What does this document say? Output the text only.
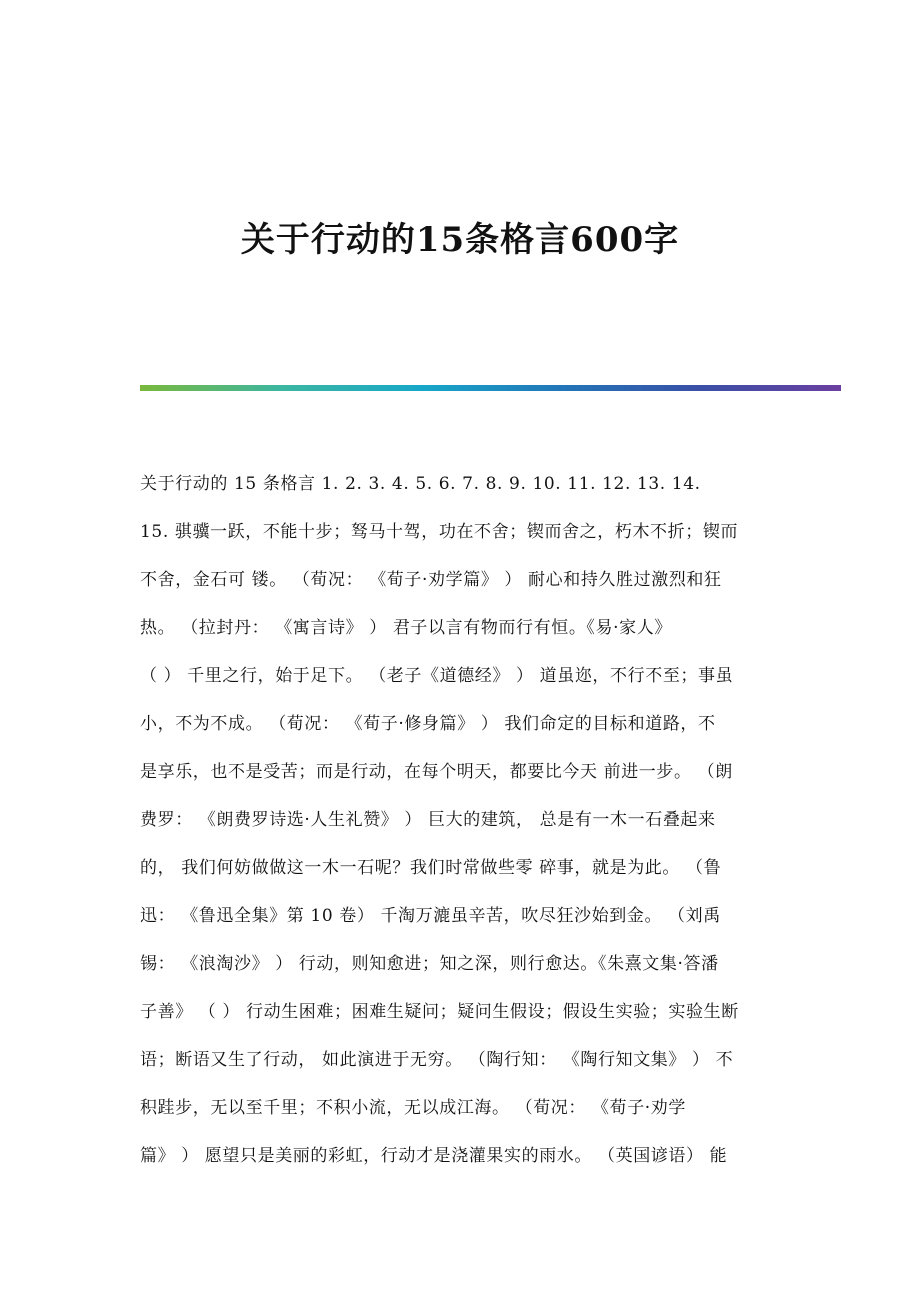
关于行动的15条格言600字
关于行动的 15 条格言 1. 2. 3. 4. 5. 6. 7. 8. 9. 10. 11. 12. 13. 14.
15. 骐骥一跃，不能十步；驽马十驾，功在不舍；锲而舍之，朽木不折；锲而
不舍，金石可 镂。 （荀况： 《荀子·劝学篇》 ） 耐心和持久胜过激烈和狂
热。 （拉封丹： 《寓言诗》 ） 君子以言有物而行有恒。《易·家人》
（ ） 千里之行，始于足下。 （老子《道德经》 ） 道虽迩，不行不至；事虽
小，不为不成。 （荀况： 《荀子·修身篇》 ） 我们命定的目标和道路，不
是享乐，也不是受苦；而是行动，在每个明天，都要比今天 前进一步。 （朗
费罗： 《朗费罗诗选·人生礼赞》 ） 巨大的建筑， 总是有一木一石叠起来
的， 我们何妨做做这一木一石呢？我们时常做些零 碎事，就是为此。 （鲁
迅： 《鲁迅全集》第 10 卷） 千淘万漉虽辛苦，吹尽狂沙始到金。 （刘禹
锡： 《浪淘沙》 ） 行动，则知愈进；知之深，则行愈达。《朱熹文集·答潘
子善》 （ ） 行动生困难；困难生疑问；疑问生假设；假设生实验；实验生断
语；断语又生了行动， 如此演进于无穷。 （陶行知： 《陶行知文集》 ） 不
积跬步，无以至千里；不积小流，无以成江海。 （荀况： 《荀子·劝学
篇》 ） 愿望只是美丽的彩虹，行动才是浇灌果实的雨水。 （英国谚语） 能
